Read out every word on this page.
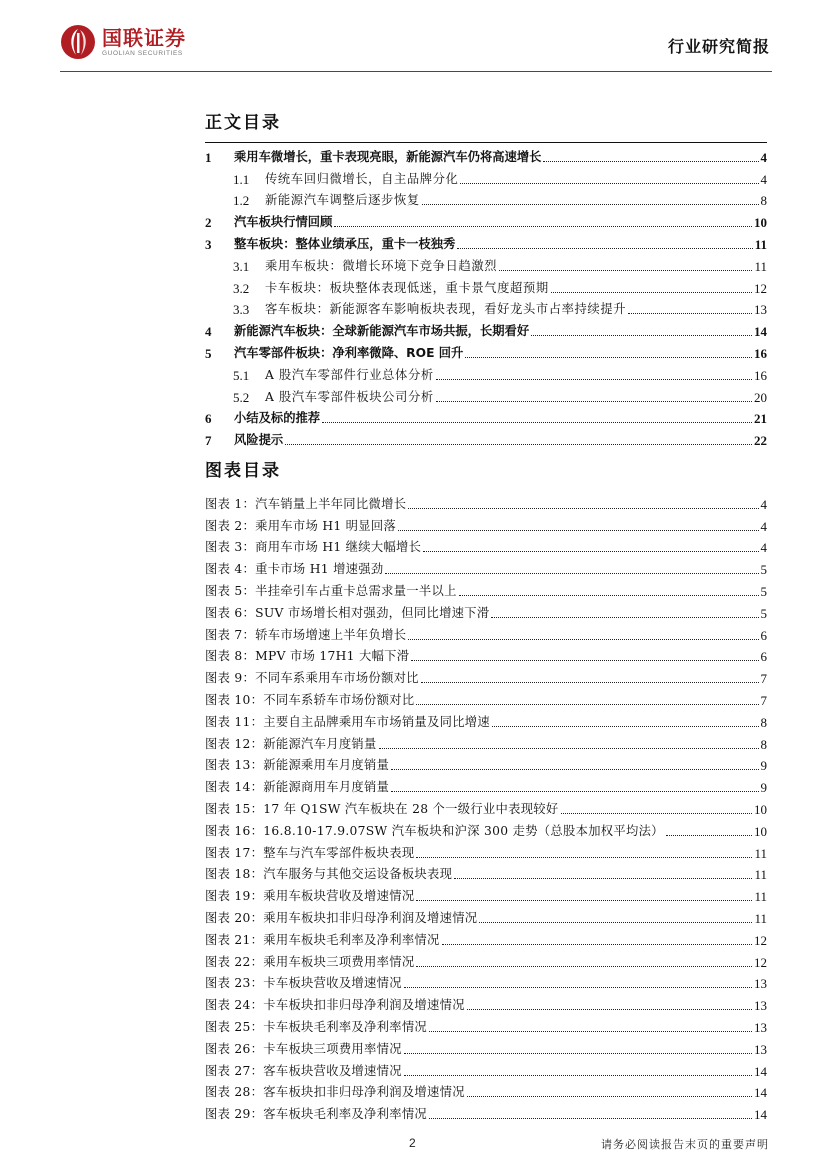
国联证券
GUOLIAN SECURITIES	行业研究简报
正文目录
1	乘用车微增长，重卡表现亮眼，新能源汽车仍将高速增长	4
1.1	传统车回归微增长，自主品牌分化	4
1.2	新能源汽车调整后逐步恢复	8
2	汽车板块行情回顾	10
3	整车板块：整体业绩承压，重卡一枝独秀	11
3.1	乘用车板块：微增长环境下竞争日趋激烈	11
3.2	卡车板块：板块整体表现低迷，重卡景气度超预期	12
3.3	客车板块：新能源客车影响板块表现，看好龙头市占率持续提升	13
4	新能源汽车板块：全球新能源汽车市场共振，长期看好	14
5	汽车零部件板块：净利率微降、ROE 回升	16
5.1	A 股汽车零部件行业总体分析	16
5.2	A 股汽车零部件板块公司分析	20
6	小结及标的推荐	21
7	风险提示	22
图表目录
图表 1：汽车销量上半年同比微增长	4
图表 2：乘用车市场 H1 明显回落	4
图表 3：商用车市场 H1 继续大幅增长	4
图表 4：重卡市场 H1 增速强劲	5
图表 5：半挂牵引车占重卡总需求量一半以上	5
图表 6：SUV 市场增长相对强劲，但同比增速下滑	5
图表 7：轿车市场增速上半年负增长	6
图表 8：MPV 市场 17H1 大幅下滑	6
图表 9：不同车系乘用车市场份额对比	7
图表 10：不同车系轿车市场份额对比	7
图表 11：主要自主品牌乘用车市场销量及同比增速	8
图表 12：新能源汽车月度销量	8
图表 13：新能源乘用车月度销量	9
图表 14：新能源商用车月度销量	9
图表 15：17 年 Q1SW 汽车板块在 28 个一级行业中表现较好	10
图表 16：16.8.10-17.9.07SW 汽车板块和沪深 300 走势（总股本加权平均法）	10
图表 17：整车与汽车零部件板块表现	11
图表 18：汽车服务与其他交运设备板块表现	11
图表 19：乘用车板块营收及增速情况	11
图表 20：乘用车板块扣非归母净利润及增速情况	11
图表 21：乘用车板块毛利率及净利率情况	12
图表 22：乘用车板块三项费用率情况	12
图表 23：卡车板块营收及增速情况	13
图表 24：卡车板块扣非归母净利润及增速情况	13
图表 25：卡车板块毛利率及净利率情况	13
图表 26：卡车板块三项费用率情况	13
图表 27：客车板块营收及增速情况	14
图表 28：客车板块扣非归母净利润及增速情况	14
图表 29：客车板块毛利率及净利率情况	14
2	请务必阅读报告末页的重要声明
